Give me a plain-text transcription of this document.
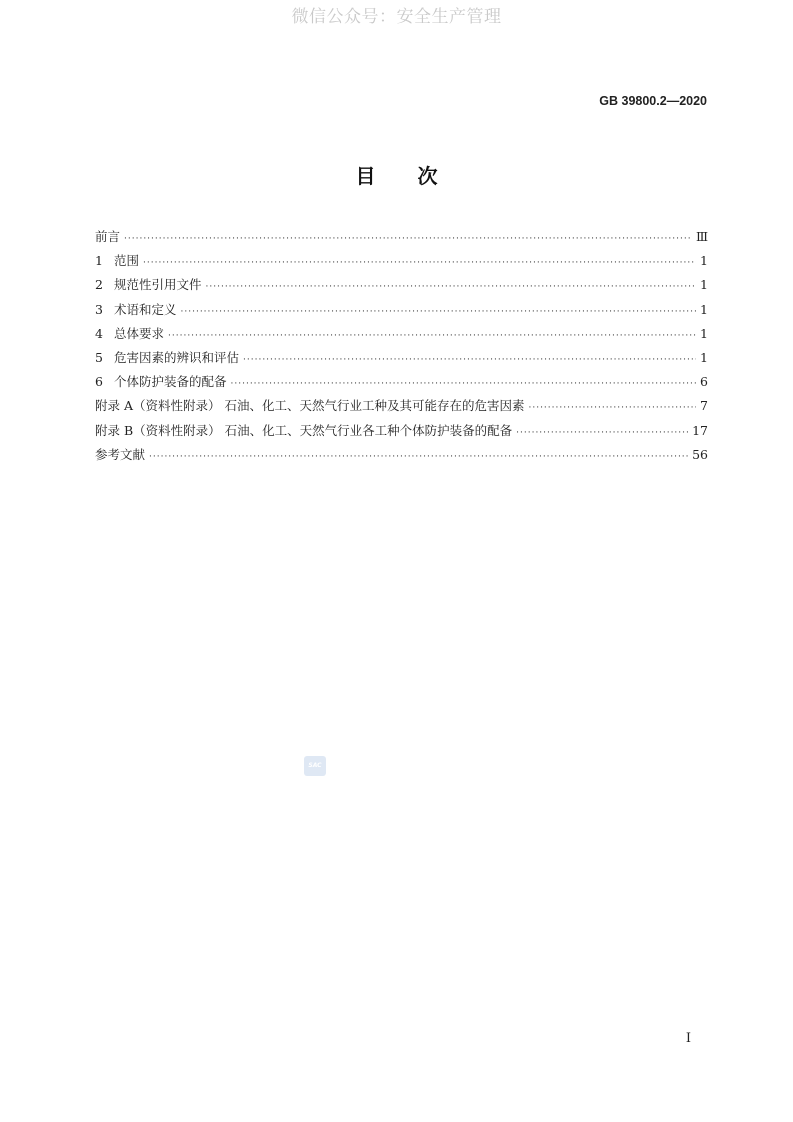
微信公众号：安全生产管理
GB 39800.2—2020
目次
前言 ·····	Ⅲ
1 范围 ·····	1
2 规范性引用文件 ·····	1
3 术语和定义 ·····	1
4 总体要求 ·····	1
5 危害因素的辨识和评估 ·····	1
6 个体防护装备的配备 ·····	6
附录 A（资料性附录） 石油、化工、天然气行业工种及其可能存在的危害因素 ·····	7
附录 B（资料性附录） 石油、化工、天然气行业各工种个体防护装备的配备 ·····	17
参考文献 ·····	56
SAC
I
